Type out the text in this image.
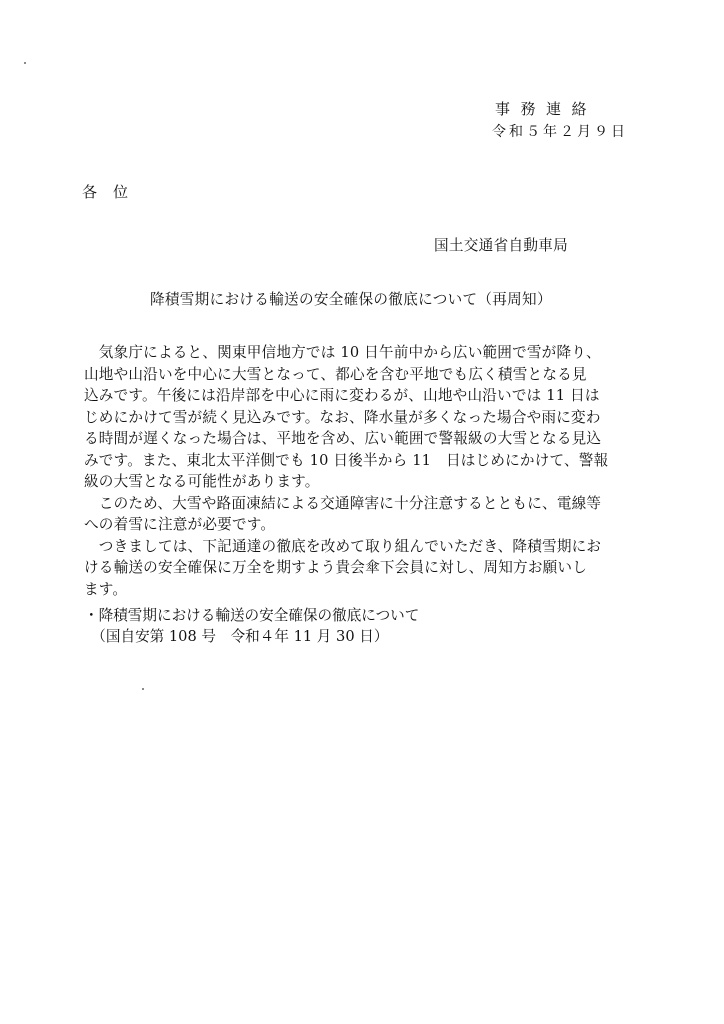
事務連絡
令和５年２月９日
各位
国土交通省自動車局
降積雪期における輸送の安全確保の徹底について（再周知）
　気象庁によると、関東甲信地方では 10 日午前中から広い範囲で雪が降り、
山地や山沿いを中心に大雪となって、都心を含む平地でも広く積雪となる見
込みです。午後には沿岸部を中心に雨に変わるが、山地や山沿いでは 11 日は
じめにかけて雪が続く見込みです。なお、降水量が多くなった場合や雨に変わ
る時間が遅くなった場合は、平地を含め、広い範囲で警報級の大雪となる見込
みです。また、東北太平洋側でも 10 日後半から 11　日はじめにかけて、警報
級の大雪となる可能性があります。
　このため、大雪や路面凍結による交通障害に十分注意するとともに、電線等
への着雪に注意が必要です。
　つきましては、下記通達の徹底を改めて取り組んでいただき、降積雪期にお
ける輸送の安全確保に万全を期すよう貴会傘下会員に対し、周知方お願いし
ます。
・降積雪期における輸送の安全確保の徹底について
　（国自安第 108 号　令和４年 11 月 30 日）
